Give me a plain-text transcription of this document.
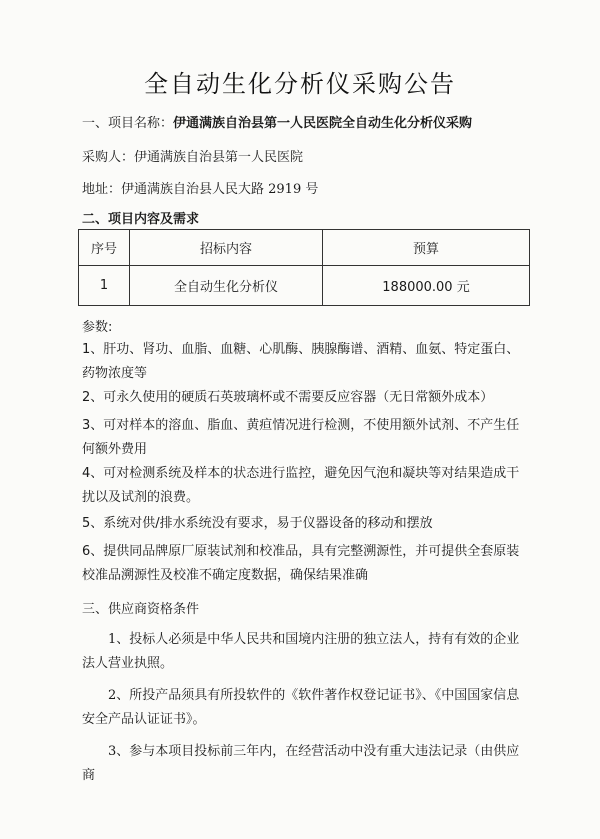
全自动生化分析仪采购公告
一、项目名称：伊通满族自治县第一人民医院全自动生化分析仪采购
采购人：伊通满族自治县第一人民医院
地址：伊通满族自治县人民大路 2919 号
二、项目内容及需求
序号	招标内容	预算
1	全自动生化分析仪	188000.00 元
参数:
1、肝功、肾功、血脂、血糖、心肌酶、胰腺酶谱、酒精、血氨、特定蛋白、药物浓度等
2、可永久使用的硬质石英玻璃杯或不需要反应容器（无日常额外成本）
3、可对样本的溶血、脂血、黄疸情况进行检测，不使用额外试剂、不产生任何额外费用
4、可对检测系统及样本的状态进行监控，避免因气泡和凝块等对结果造成干扰以及试剂的浪费。
5、系统对供/排水系统没有要求，易于仪器设备的移动和摆放
6、提供同品牌原厂原装试剂和校准品，具有完整溯源性，并可提供全套原装校准品溯源性及校准不确定度数据，确保结果准确
三、供应商资格条件
1、投标人必须是中华人民共和国境内注册的独立法人，持有有效的企业法人营业执照。
2、所投产品须具有所投软件的《软件著作权登记证书》、《中国国家信息安全产品认证证书》。
3、参与本项目投标前三年内，在经营活动中没有重大违法记录（由供应商
